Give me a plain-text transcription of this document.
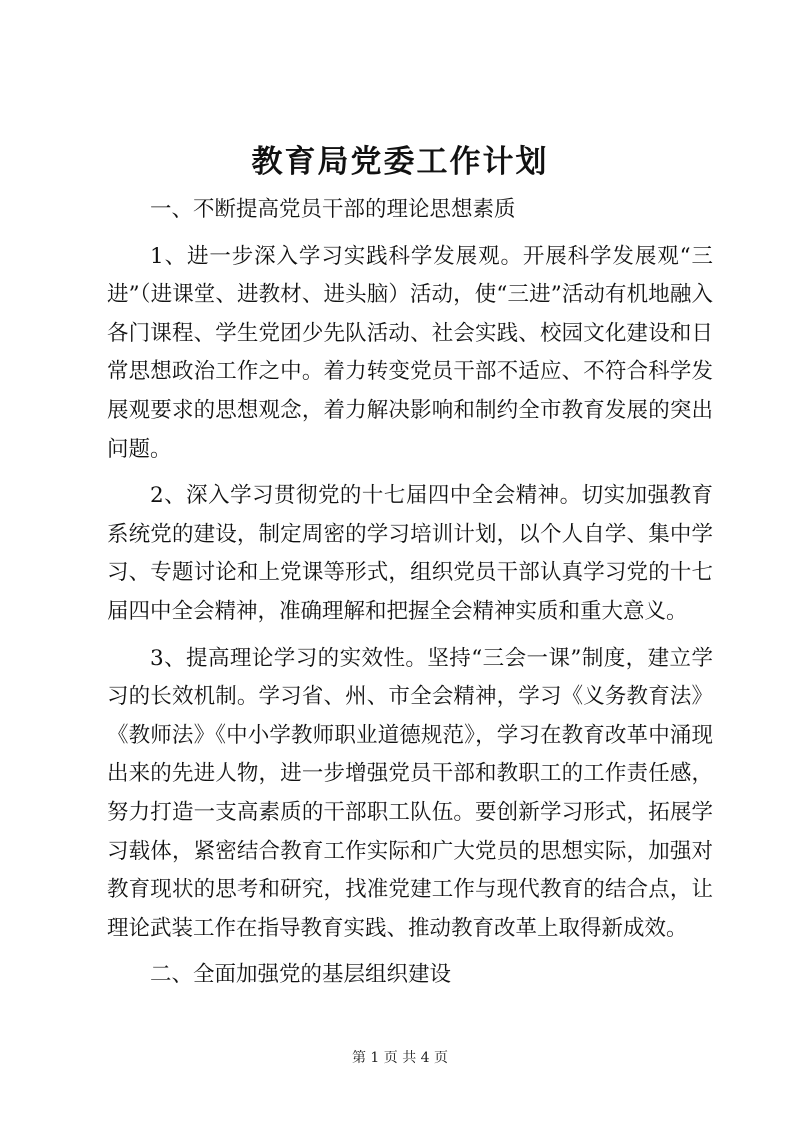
教育局党委工作计划

一、不断提高党员干部的理论思想素质

1、进一步深入学习实践科学发展观。开展科学发展观“三进”（进课堂、进教材、进头脑）活动，使“三进”活动有机地融入各门课程、学生党团少先队活动、社会实践、校园文化建设和日常思想政治工作之中。着力转变党员干部不适应、不符合科学发展观要求的思想观念，着力解决影响和制约全市教育发展的突出问题。

2、深入学习贯彻党的十七届四中全会精神。切实加强教育系统党的建设，制定周密的学习培训计划，以个人自学、集中学习、专题讨论和上党课等形式，组织党员干部认真学习党的十七届四中全会精神，准确理解和把握全会精神实质和重大意义。

3、提高理论学习的实效性。坚持“三会一课”制度，建立学习的长效机制。学习省、州、市全会精神，学习《义务教育法》《教师法》《中小学教师职业道德规范》，学习在教育改革中涌现出来的先进人物，进一步增强党员干部和教职工的工作责任感，努力打造一支高素质的干部职工队伍。要创新学习形式，拓展学习载体，紧密结合教育工作实际和广大党员的思想实际，加强对教育现状的思考和研究，找准党建工作与现代教育的结合点，让理论武装工作在指导教育实践、推动教育改革上取得新成效。

二、全面加强党的基层组织建设

第 1 页 共 4 页
